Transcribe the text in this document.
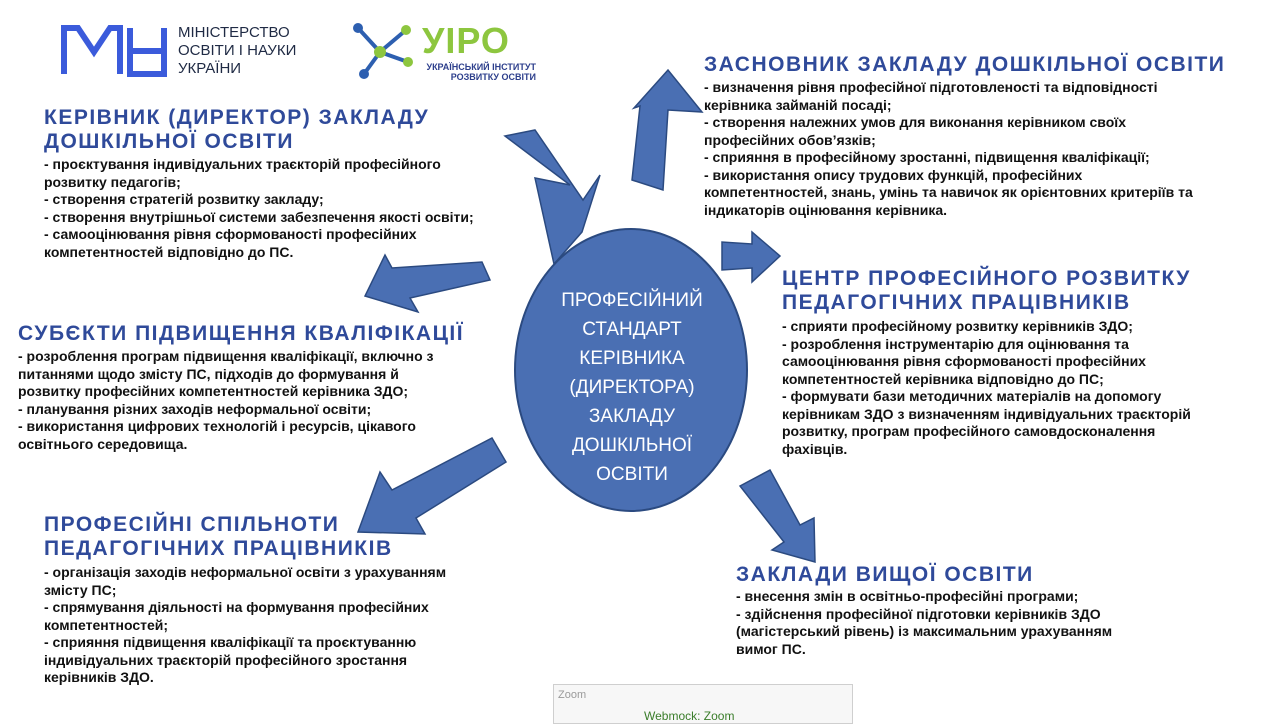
МІНІСТЕРСТВО
ОСВІТИ І НАУКИ
УКРАЇНИ
УІРО
УКРАЇНСЬКИЙ ІНСТИТУТ
РОЗВИТКУ ОСВІТИ
ПРОФЕСІЙНИЙ
СТАНДАРТ
КЕРІВНИКА
(ДИРЕКТОРА)
ЗАКЛАДУ
ДОШКІЛЬНОЇ
ОСВІТИ
КЕРІВНИК (ДИРЕКТОР) ЗАКЛАДУ
ДОШКІЛЬНОЇ ОСВІТИ
- проєктування індивідуальних траєкторій професійного
розвитку педагогів;
- створення стратегій розвитку закладу;
- створення внутрішньої системи забезпечення якості освіти;
- самооцінювання рівня сформованості професійних
компетентностей відповідно до ПС.
ЗАСНОВНИК ЗАКЛАДУ ДОШКІЛЬНОЇ ОСВІТИ
- визначення рівня професійної підготовленості та відповідності
керівника займаній посаді;
- створення належних умов для виконання керівником своїх
професійних обов’язків;
- сприяння в професійному зростанні, підвищення кваліфікації;
- використання опису трудових функцій, професійних
компетентностей, знань, умінь та навичок як орієнтовних критеріїв та
індикаторів оцінювання керівника.
СУБЄКТИ ПІДВИЩЕННЯ КВАЛІФІКАЦІЇ
- розроблення програм підвищення кваліфікації, включно з
питаннями щодо змісту ПС, підходів до формування й
розвитку професійних компетентностей керівника ЗДО;
- планування різних заходів неформальної освіти;
- використання цифрових технологій і ресурсів, цікавого
освітнього середовища.
ЦЕНТР ПРОФЕСІЙНОГО РОЗВИТКУ
ПЕДАГОГІЧНИХ ПРАЦІВНИКІВ
- сприяти професійному розвитку керівників ЗДО;
- розроблення інструментарію для оцінювання та
самооцінювання рівня сформованості професійних
компетентностей керівника відповідно до ПС;
- формувати бази методичних матеріалів на допомогу
керівникам ЗДО з визначенням індивідуальних траєкторій
розвитку, програм професійного самовдосконалення
фахівців.
ПРОФЕСІЙНІ СПІЛЬНОТИ
ПЕДАГОГІЧНИХ ПРАЦІВНИКІВ
- організація заходів неформальної освіти з урахуванням
змісту ПС;
- спрямування діяльності на формування професійних
компетентностей;
- сприяння підвищення кваліфікації та проєктуванню
індивідуальних траєкторій професійного зростання
керівників ЗДО.
ЗАКЛАДИ ВИЩОЇ ОСВІТИ
- внесення змін в освітньо-професійні програми;
- здійснення професійної підготовки керівників ЗДО
(магістерський рівень) із максимальним урахуванням
вимог ПС.
Zoom
Webmock: Zoom
